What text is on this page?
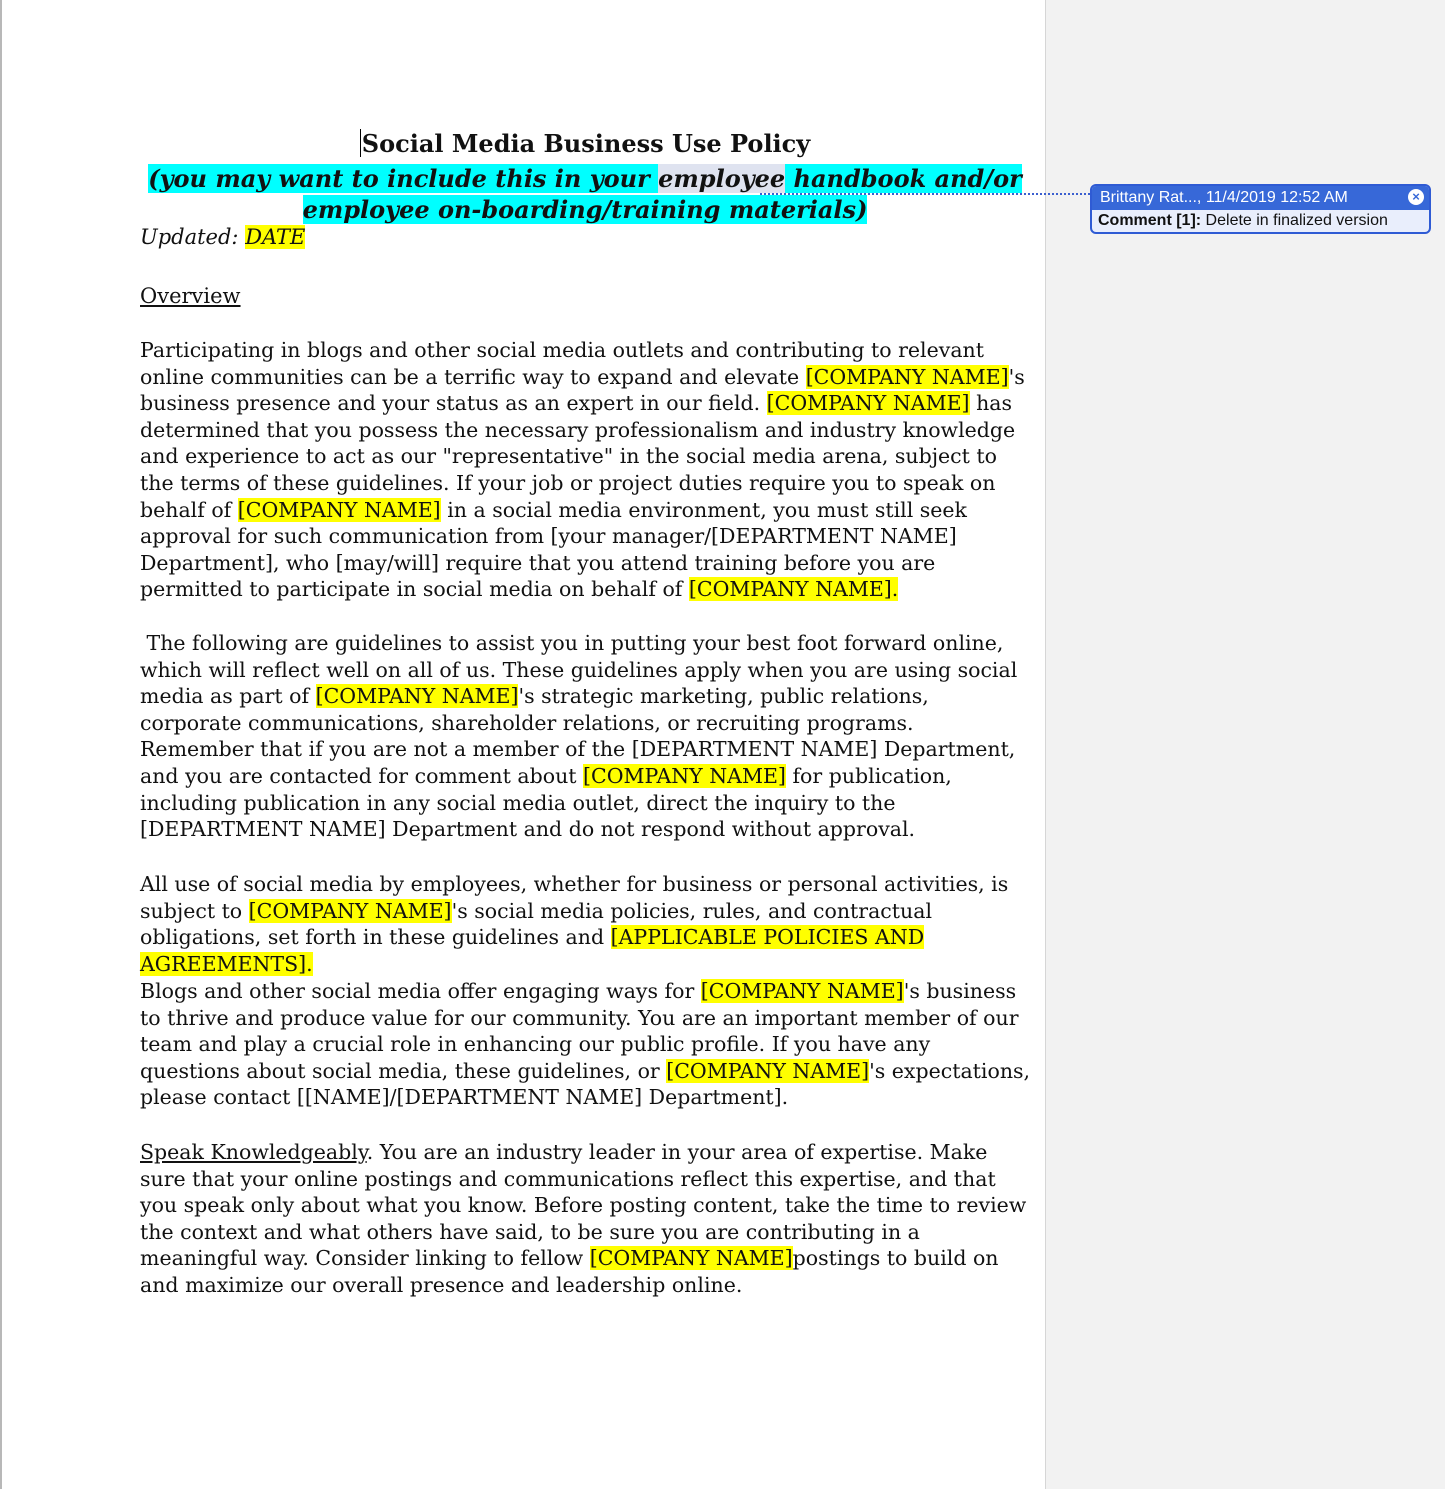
Social Media Business Use Policy
(you may want to include this in your employee handbook and/or
employee on-boarding/training materials)
Updated: DATE
Overview

Participating in blogs and other social media outlets and contributing to relevant online communities can be a terrific way to expand and elevate [COMPANY NAME]'s business presence and your status as an expert in our field. [COMPANY NAME] has determined that you possess the necessary professionalism and industry knowledge and experience to act as our "representative" in the social media arena, subject to the terms of these guidelines. If your job or project duties require you to speak on behalf of [COMPANY NAME] in a social media environment, you must still seek approval for such communication from [your manager/[DEPARTMENT NAME] Department], who [may/will] require that you attend training before you are permitted to participate in social media on behalf of [COMPANY NAME].

The following are guidelines to assist you in putting your best foot forward online, which will reflect well on all of us. These guidelines apply when you are using social media as part of [COMPANY NAME]'s strategic marketing, public relations, corporate communications, shareholder relations, or recruiting programs. Remember that if you are not a member of the [DEPARTMENT NAME] Department, and you are contacted for comment about [COMPANY NAME] for publication, including publication in any social media outlet, direct the inquiry to the [DEPARTMENT NAME] Department and do not respond without approval.

All use of social media by employees, whether for business or personal activities, is subject to [COMPANY NAME]'s social media policies, rules, and contractual obligations, set forth in these guidelines and [APPLICABLE POLICIES AND AGREEMENTS].

Blogs and other social media offer engaging ways for [COMPANY NAME]'s business to thrive and produce value for our community. You are an important member of our team and play a crucial role in enhancing our public profile. If you have any questions about social media, these guidelines, or [COMPANY NAME]'s expectations, please contact [[NAME]/[DEPARTMENT NAME] Department].

Speak Knowledgeably. You are an industry leader in your area of expertise. Make sure that your online postings and communications reflect this expertise, and that you speak only about what you know. Before posting content, take the time to review the context and what others have said, to be sure you are contributing in a meaningful way. Consider linking to fellow [COMPANY NAME]postings to build on and maximize our overall presence and leadership online.

Brittany Rat..., 11/4/2019 12:52 AM	×
Comment [1]: Delete in finalized version
